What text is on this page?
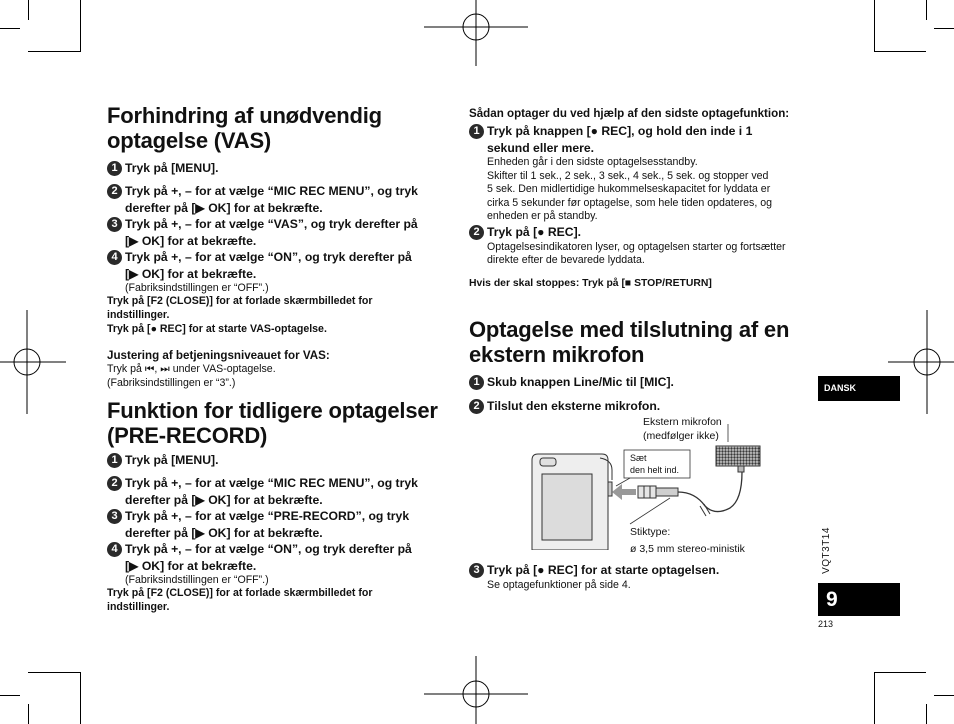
Forhindring af unødvendig
optagelse (VAS)
1 Tryk på [MENU].
2 Tryk på +, – for at vælge “MIC REC MENU”, og tryk
derefter på [▶ OK] for at bekræfte.
3 Tryk på +, – for at vælge “VAS”, og tryk derefter på
[▶ OK] for at bekræfte.
4 Tryk på +, – for at vælge “ON”, og tryk derefter på
[▶ OK] for at bekræfte.
(Fabriksindstillingen er “OFF”.)
Tryk på [F2 (CLOSE)] for at forlade skærmbilledet for
indstillinger.
Tryk på [● REC] for at starte VAS-optagelse.
Justering af betjeningsniveauet for VAS:
Tryk på ⏮, ⏭ under VAS-optagelse.
(Fabriksindstillingen er “3”.)
Funktion for tidligere optagelser
(PRE-RECORD)
1 Tryk på [MENU].
2 Tryk på +, – for at vælge “MIC REC MENU”, og tryk
derefter på [▶ OK] for at bekræfte.
3 Tryk på +, – for at vælge “PRE-RECORD”, og tryk
derefter på [▶ OK] for at bekræfte.
4 Tryk på +, – for at vælge “ON”, og tryk derefter på
[▶ OK] for at bekræfte.
(Fabriksindstillingen er “OFF”.)
Tryk på [F2 (CLOSE)] for at forlade skærmbilledet for
indstillinger.
Sådan optager du ved hjælp af den sidste optagefunktion:
1 Tryk på knappen [● REC], og hold den inde i 1
sekund eller mere.
Enheden går i den sidste optagelsesstandby.
Skifter til 1 sek., 2 sek., 3 sek., 4 sek., 5 sek. og stopper ved
5 sek. Den midlertidige hukommelseskapacitet for lyddata er
cirka 5 sekunder før optagelse, som hele tiden opdateres, og
enheden er på standby.
2 Tryk på [● REC].
Optagelsesindikatoren lyser, og optagelsen starter og fortsætter
direkte efter de bevarede lyddata.
Hvis der skal stoppes: Tryk på [■ STOP/RETURN]
Optagelse med tilslutning af en
ekstern mikrofon
1 Skub knappen Line/Mic til [MIC].
2 Tilslut den eksterne mikrofon.
Ekstern mikrofon
(medfølger ikke)
Sæt
den helt ind.
Stiktype:
ø 3,5 mm stereo-ministik
3 Tryk på [● REC] for at starte optagelsen.
Se optagefunktioner på side 4.
DANSK
VQT3T14
9
213
